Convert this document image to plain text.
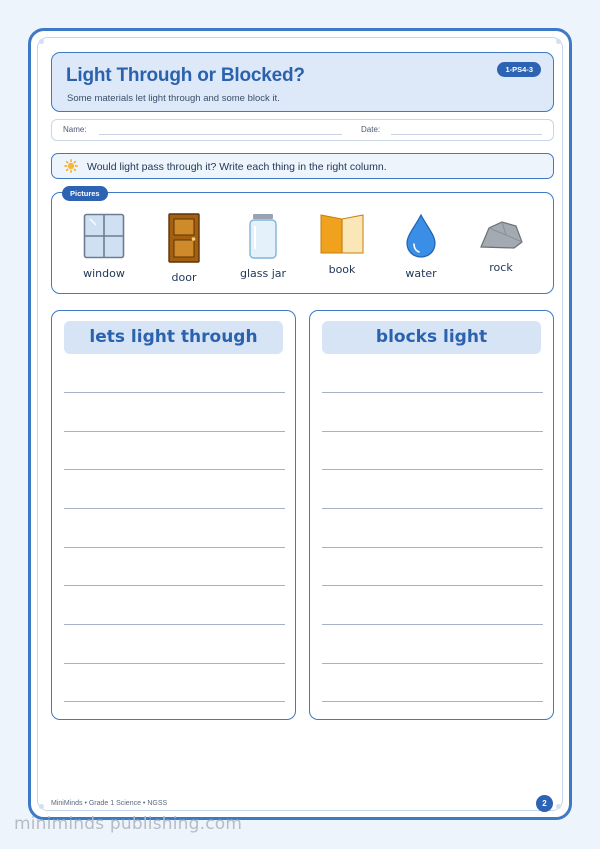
Light Through or Blocked?
Some materials let light through and some block it.
1-PS4-3
Name:	Date:
Would light pass through it? Write each thing in the right column.
Pictures
window	door	glass jar	book	water	rock
lets light through	blocks light
MiniMinds • Grade 1 Science • NGSS	2
miniminds publishing.com
